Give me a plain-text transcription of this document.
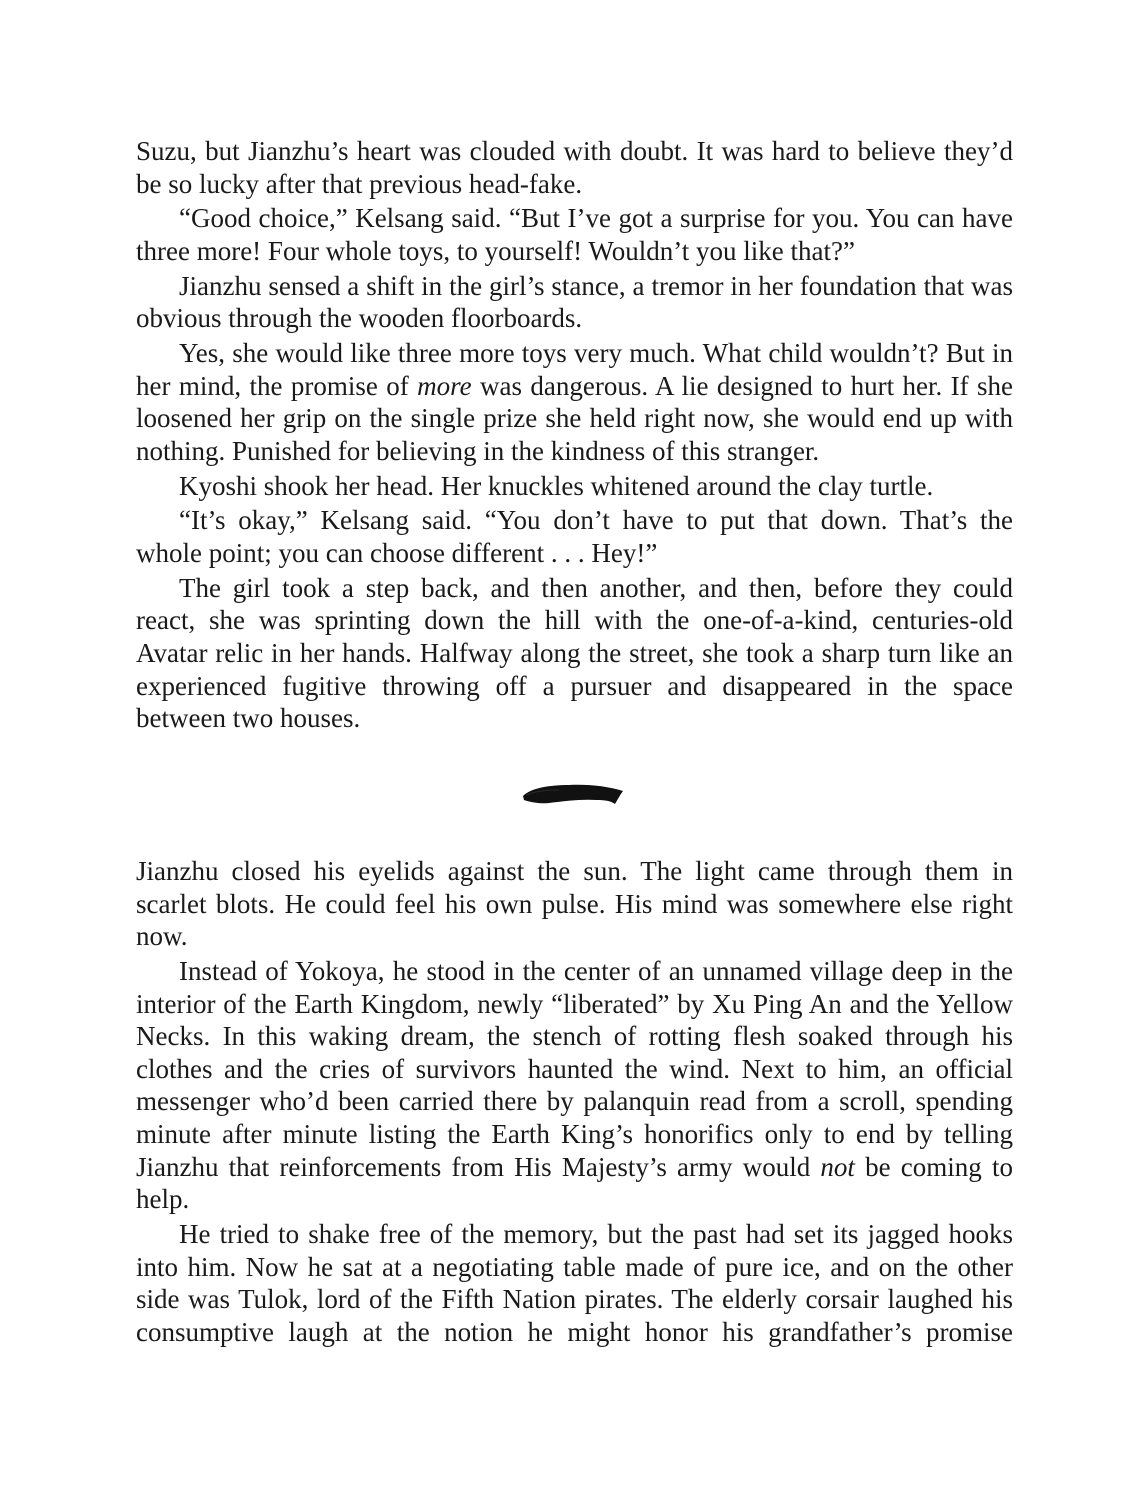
Suzu, but Jianzhu’s heart was clouded with doubt. It was hard to believe they’d be so lucky after that previous head-fake.

“Good choice,” Kelsang said. “But I’ve got a surprise for you. You can have three more! Four whole toys, to yourself! Wouldn’t you like that?”

Jianzhu sensed a shift in the girl’s stance, a tremor in her foundation that was obvious through the wooden floorboards.

Yes, she would like three more toys very much. What child wouldn’t? But in her mind, the promise of more was dangerous. A lie designed to hurt her. If she loosened her grip on the single prize she held right now, she would end up with nothing. Punished for believing in the kindness of this stranger.

Kyoshi shook her head. Her knuckles whitened around the clay turtle.

“It’s okay,” Kelsang said. “You don’t have to put that down. That’s the whole point; you can choose different . . . Hey!”

The girl took a step back, and then another, and then, before they could react, she was sprinting down the hill with the one-of-a-kind, centuries-old Avatar relic in her hands. Halfway along the street, she took a sharp turn like an experienced fugitive throwing off a pursuer and disappeared in the space between two houses.

Jianzhu closed his eyelids against the sun. The light came through them in scarlet blots. He could feel his own pulse. His mind was somewhere else right now.

Instead of Yokoya, he stood in the center of an unnamed village deep in the interior of the Earth Kingdom, newly “liberated” by Xu Ping An and the Yellow Necks. In this waking dream, the stench of rotting flesh soaked through his clothes and the cries of survivors haunted the wind. Next to him, an official messenger who’d been carried there by palanquin read from a scroll, spending minute after minute listing the Earth King’s honorifics only to end by telling Jianzhu that reinforcements from His Majesty’s army would not be coming to help.

He tried to shake free of the memory, but the past had set its jagged hooks into him. Now he sat at a negotiating table made of pure ice, and on the other side was Tulok, lord of the Fifth Nation pirates. The elderly corsair laughed his consumptive laugh at the notion he might honor his grandfather’s promise
